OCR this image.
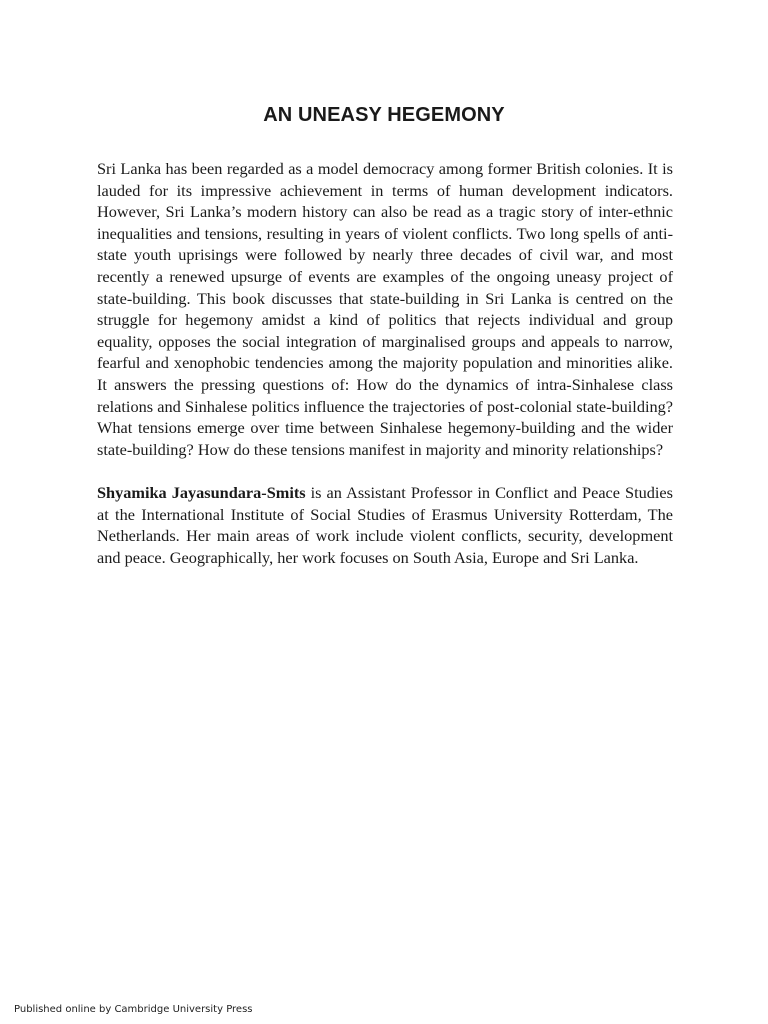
AN UNEASY HEGEMONY

Sri Lanka has been regarded as a model democracy among former British colonies. It is lauded for its impressive achievement in terms of human development indicators. However, Sri Lanka’s modern history can also be read as a tragic story of inter-ethnic inequalities and tensions, resulting in years of violent conflicts. Two long spells of anti-state youth uprisings were followed by nearly three decades of civil war, and most recently a renewed upsurge of events are examples of the ongoing uneasy project of state-building. This book discusses that state-building in Sri Lanka is centred on the struggle for hegemony amidst a kind of politics that rejects individual and group equality, opposes the social integration of marginalised groups and appeals to narrow, fearful and xenophobic tendencies among the majority population and minorities alike. It answers the pressing questions of: How do the dynamics of intra-Sinhalese class relations and Sinhalese politics influence the trajectories of post-colonial state-building? What tensions emerge over time between Sinhalese hegemony-building and the wider state-building? How do these tensions manifest in majority and minority relationships?

Shyamika Jayasundara-Smits is an Assistant Professor in Conflict and Peace Studies at the International Institute of Social Studies of Erasmus University Rotterdam, The Netherlands. Her main areas of work include violent conflicts, security, development and peace. Geographically, her work focuses on South Asia, Europe and Sri Lanka.

Published online by Cambridge University Press
